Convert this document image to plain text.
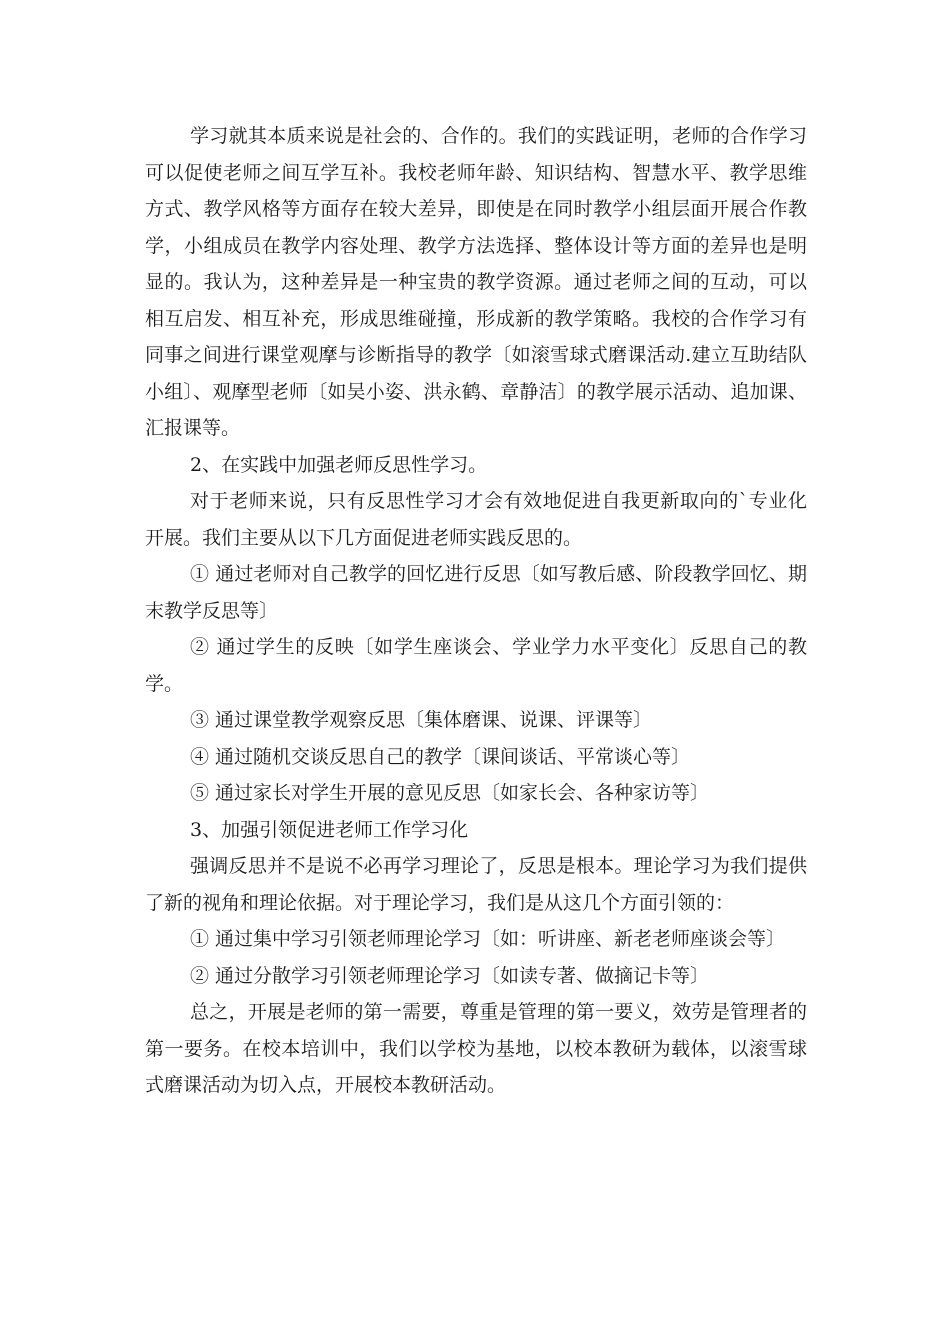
学习就其本质来说是社会的、合作的。我们的实践证明，老师的合作学习可以促使老师之间互学互补。我校老师年龄、知识结构、智慧水平、教学思维方式、教学风格等方面存在较大差异，即使是在同时教学小组层面开展合作教学，小组成员在教学内容处理、教学方法选择、整体设计等方面的差异也是明显的。我认为，这种差异是一种宝贵的教学资源。通过老师之间的互动，可以相互启发、相互补充，形成思维碰撞，形成新的教学策略。我校的合作学习有同事之间进行课堂观摩与诊断指导的教学〔如滚雪球式磨课活动.建立互助结队小组〕、观摩型老师〔如吴小姿、洪永鹤、章静洁〕的教学展示活动、追加课、汇报课等。

2、在实践中加强老师反思性学习。

对于老师来说，只有反思性学习才会有效地促进自我更新取向的`专业化开展。我们主要从以下几方面促进老师实践反思的。

① 通过老师对自己教学的回忆进行反思〔如写教后感、阶段教学回忆、期末教学反思等〕

② 通过学生的反映〔如学生座谈会、学业学力水平变化〕反思自己的教学。

③ 通过课堂教学观察反思〔集体磨课、说课、评课等〕

④ 通过随机交谈反思自己的教学〔课间谈话、平常谈心等〕

⑤ 通过家长对学生开展的意见反思〔如家长会、各种家访等〕

3、加强引领促进老师工作学习化

强调反思并不是说不必再学习理论了，反思是根本。理论学习为我们提供了新的视角和理论依据。对于理论学习，我们是从这几个方面引领的：

① 通过集中学习引领老师理论学习〔如：听讲座、新老老师座谈会等〕

② 通过分散学习引领老师理论学习〔如读专著、做摘记卡等〕

总之，开展是老师的第一需要，尊重是管理的第一要义，效劳是管理者的第一要务。在校本培训中，我们以学校为基地，以校本教研为载体，以滚雪球式磨课活动为切入点，开展校本教研活动。
